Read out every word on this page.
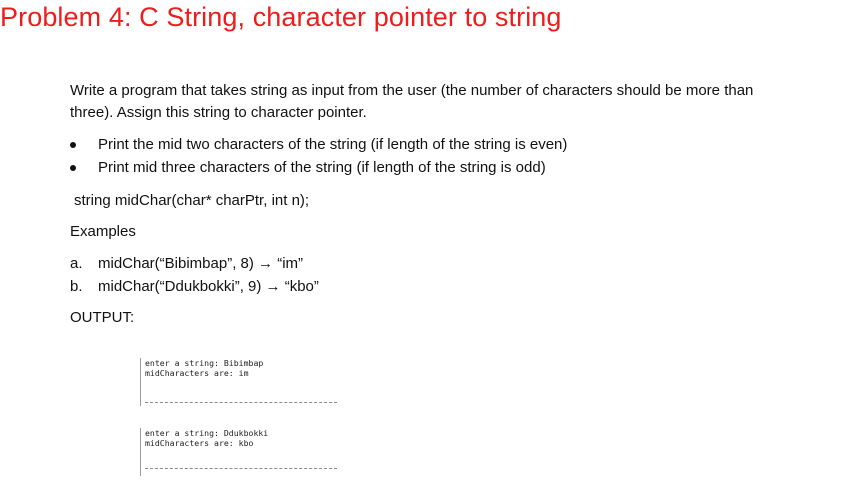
Problem 4: C String, character pointer to string
Write a program that takes string as input from the user (the number of characters should be more than
three). Assign this string to character pointer.
Print the mid two characters of the string (if length of the string is even)
Print mid three characters of the string (if length of the string is odd)
string midChar(char* charPtr, int n);
Examples
a. midChar(“Bibimbap”, 8) → “im”
b. midChar(“Ddukbokki”, 9) → “kbo”
OUTPUT:
enter a string: Bibimbap
midCharacters are: im
enter a string: Ddukbokki
midCharacters are: kbo
